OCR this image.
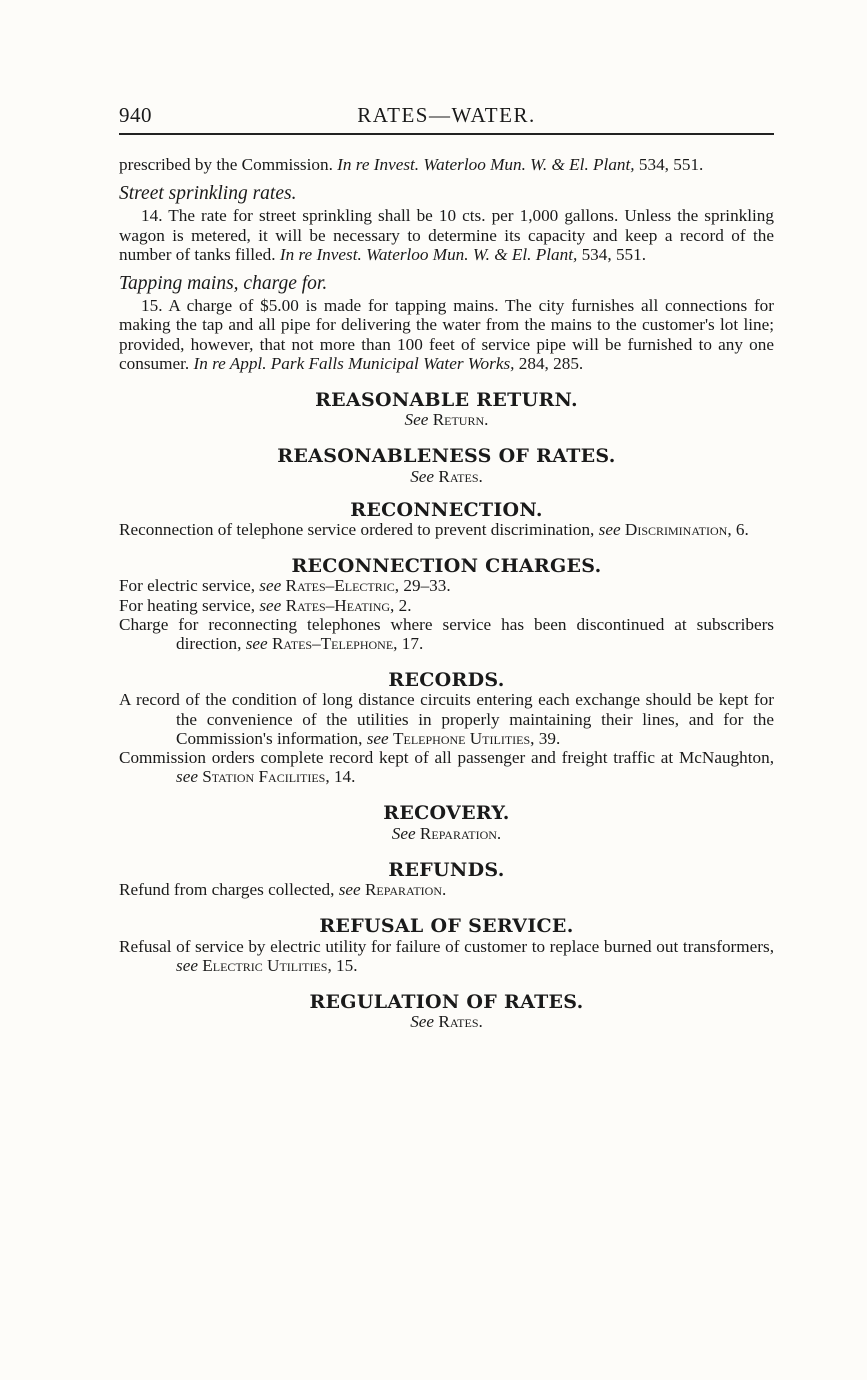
940	RATES—WATER.

prescribed by the Commission. In re Invest. Waterloo Mun. W. & El. Plant, 534, 551.

Street sprinkling rates.

14. The rate for street sprinkling shall be 10 cts. per 1,000 gallons. Unless the sprinkling wagon is metered, it will be necessary to determine its capacity and keep a record of the number of tanks filled. In re Invest. Waterloo Mun. W. & El. Plant, 534, 551.

Tapping mains, charge for.

15. A charge of $5.00 is made for tapping mains. The city furnishes all connections for making the tap and all pipe for delivering the water from the mains to the customer's lot line; provided, however, that not more than 100 feet of service pipe will be furnished to any one consumer. In re Appl. Park Falls Municipal Water Works, 284, 285.

REASONABLE RETURN.

See Return.

REASONABLENESS OF RATES.

See Rates.

RECONNECTION.

Reconnection of telephone service ordered to prevent discrimination, see Discrimination, 6.

RECONNECTION CHARGES.

For electric service, see Rates–Electric, 29–33.

For heating service, see Rates–Heating, 2.

Charge for reconnecting telephones where service has been discontinued at subscribers direction, see Rates–Telephone, 17.

RECORDS.

A record of the condition of long distance circuits entering each exchange should be kept for the convenience of the utilities in properly maintaining their lines, and for the Commission's information, see Telephone Utilities, 39.

Commission orders complete record kept of all passenger and freight traffic at McNaughton, see Station Facilities, 14.

RECOVERY.

See Reparation.

REFUNDS.

Refund from charges collected, see Reparation.

REFUSAL OF SERVICE.

Refusal of service by electric utility for failure of customer to replace burned out transformers, see Electric Utilities, 15.

REGULATION OF RATES.

See Rates.
